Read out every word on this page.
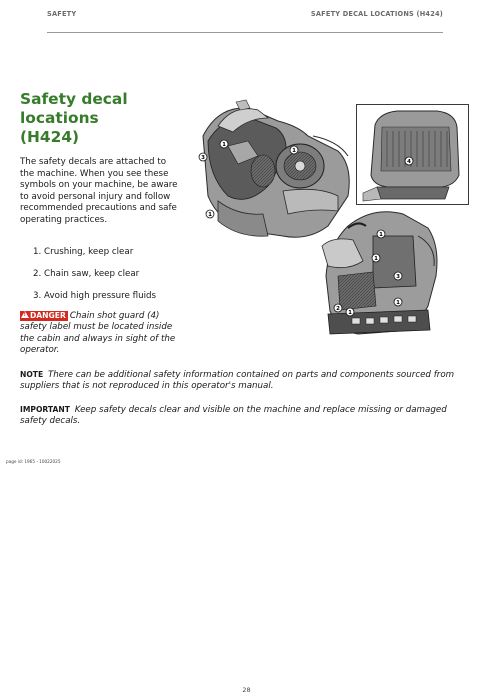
SAFETY	SAFETY DECAL LOCATIONS (H424)
Safety decal
locations
(H424)

The safety decals are attached to the machine. When you see these symbols on your machine, be aware to avoid personal injury and follow recommended precautions and safe operating practices.

1. Crushing, keep clear
2. Chain saw, keep clear
3. Avoid high pressure fluids

!DANGER Chain shot guard (4) safety label must be located inside the cabin and always in sight of the operator.

NOTE There can be additional safety information contained on parts and components sourced from suppliers that is not reproduced in this operator's manual.

IMPORTANT Keep safety decals clear and visible on the machine and replace missing or damaged safety decals.

page id: 1965 - 10022025
28
1
3
1
1
4
1
1
3
1
2
1
